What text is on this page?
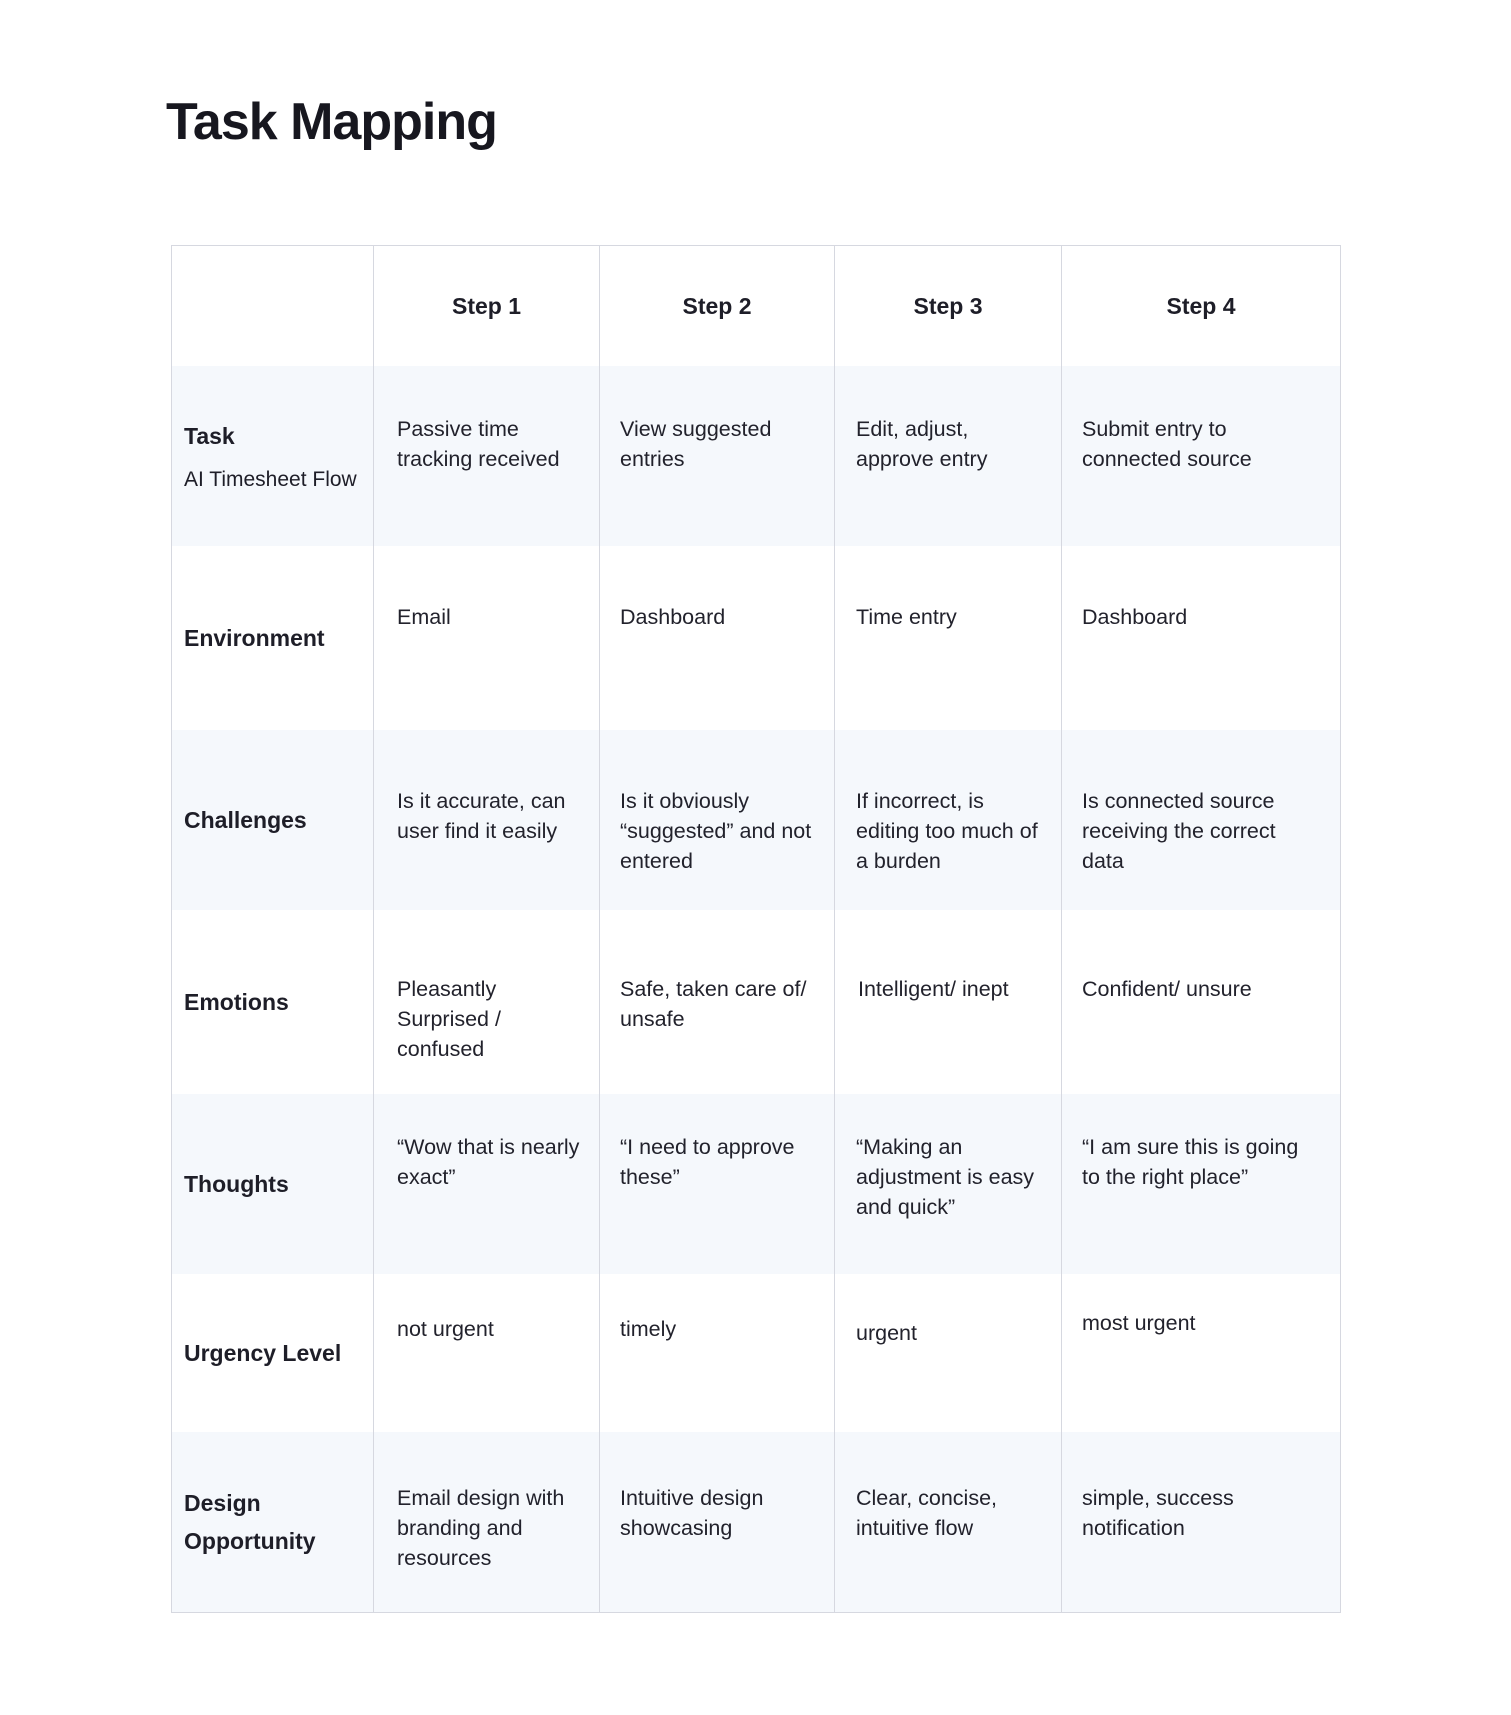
Task Mapping
	Step 1	Step 2	Step 3	Step 4
Task
AI Timesheet Flow	Passive time tracking received	View suggested entries	Edit, adjust, approve entry	Submit entry to connected source
Environment	Email	Dashboard	Time entry	Dashboard
Challenges	Is it accurate, can user find it easily	Is it obviously “suggested” and not entered	If incorrect, is editing too much of a burden	Is connected source receiving the correct data
Emotions	Pleasantly Surprised / confused	Safe, taken care of/ unsafe	Intelligent/ inept	Confident/ unsure
Thoughts	“Wow that is nearly exact”	“I need to approve these”	“Making an adjustment is easy and quick”	“I am sure this is going to the right place”
Urgency Level	not urgent	timely	urgent	most urgent
Design Opportunity	Email design with branding and resources	Intuitive design showcasing	Clear, concise, intuitive flow	simple, success notification
